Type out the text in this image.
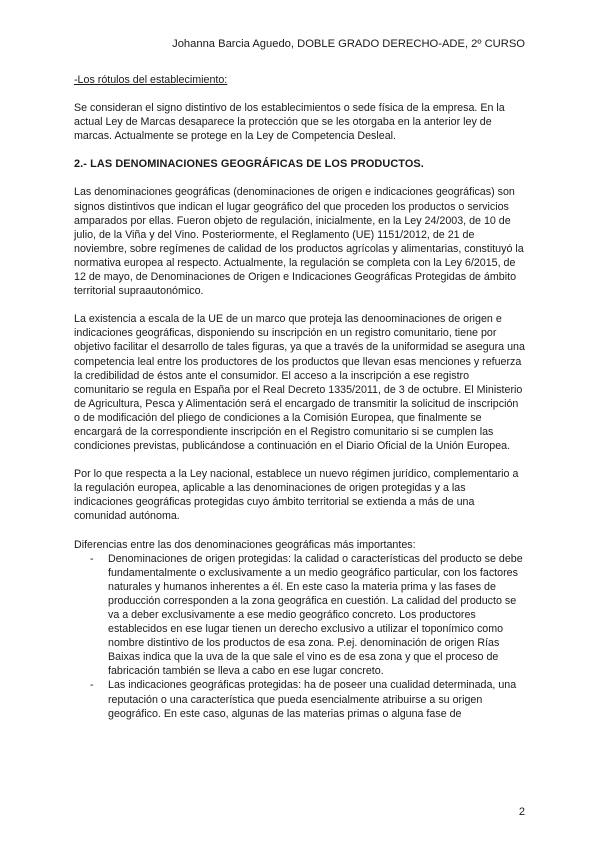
Johanna Barcia Aguedo, DOBLE GRADO DERECHO-ADE, 2º CURSO
-Los rótulos del establecimiento:

Se consideran el signo distintivo de los establecimientos o sede física de la empresa. En la actual Ley de Marcas desaparece la protección que se les otorgaba en la anterior ley de marcas. Actualmente se protege en la Ley de Competencia Desleal.

2.- LAS DENOMINACIONES GEOGRÁFICAS DE LOS PRODUCTOS.

Las denominaciones geográficas (denominaciones de origen e indicaciones geográficas) son signos distintivos que indican el lugar geográfico del que proceden los productos o servicios amparados por ellas. Fueron objeto de regulación, inicialmente, en la Ley 24/2003, de 10 de julio, de la Viña y del Vino. Posteriormente, el Reglamento (UE) 1151/2012, de 21 de noviembre, sobre regímenes de calidad de los productos agrícolas y alimentarias, constituyó la normativa europea al respecto. Actualmente, la regulación se completa con la Ley 6/2015, de 12 de mayo, de Denominaciones de Origen e Indicaciones Geográficas Protegidas de ámbito territorial supraautonómico.

La existencia a escala de la UE de un marco que proteja las denoominaciones de origen e indicaciones geográficas, disponiendo su inscripción en un registro comunitario, tiene por objetivo facilitar el desarrollo de tales figuras, ya que a través de la uniformidad se asegura una competencia leal entre los productores de los productos que llevan esas menciones y refuerza la credibilidad de éstos ante el consumidor. El acceso a la inscripción a ese registro comunitario se regula en España por el Real Decreto 1335/2011, de 3 de octubre. El Ministerio de Agricultura, Pesca y Alimentación será el encargado de transmitir la solicitud de inscripción o de modificación del pliego de condiciones a la Comisión Europea, que finalmente se encargará de la correspondiente inscripción en el Registro comunitario si se cumplen las condiciones previstas, publicándose a continuación en el Diario Oficial de la Unión Europea.

Por lo que respecta a la Ley nacional, establece un nuevo régimen jurídico, complementario a la regulación europea, aplicable a las denominaciones de origen protegidas y a las indicaciones geográficas protegidas cuyo ámbito territorial se extienda a más de una comunidad autónoma.

Diferencias entre las dos denominaciones geográficas más importantes:
- Denominaciones de origen protegidas: la calidad o características del producto se debe fundamentalmente o exclusivamente a un medio geográfico particular, con los factores naturales y humanos inherentes a él. En este caso la materia prima y las fases de producción corresponden a la zona geográfica en cuestión. La calidad del producto se va a deber exclusivamente a ese medio geográfico concreto. Los productores establecidos en ese lugar tienen un derecho exclusivo a utilizar el toponímico como nombre distintivo de los productos de esa zona. P.ej. denominación de origen Rías Baixas indica que la uva de la que sale el vino es de esa zona y que el proceso de fabricación también se lleva a cabo en ese lugar concreto.
- Las indicaciones geográficas protegidas: ha de poseer una cualidad determinada, una reputación o una característica que pueda esencialmente atribuirse a su origen geográfico. En este caso, algunas de las materias primas o alguna fase de
2
